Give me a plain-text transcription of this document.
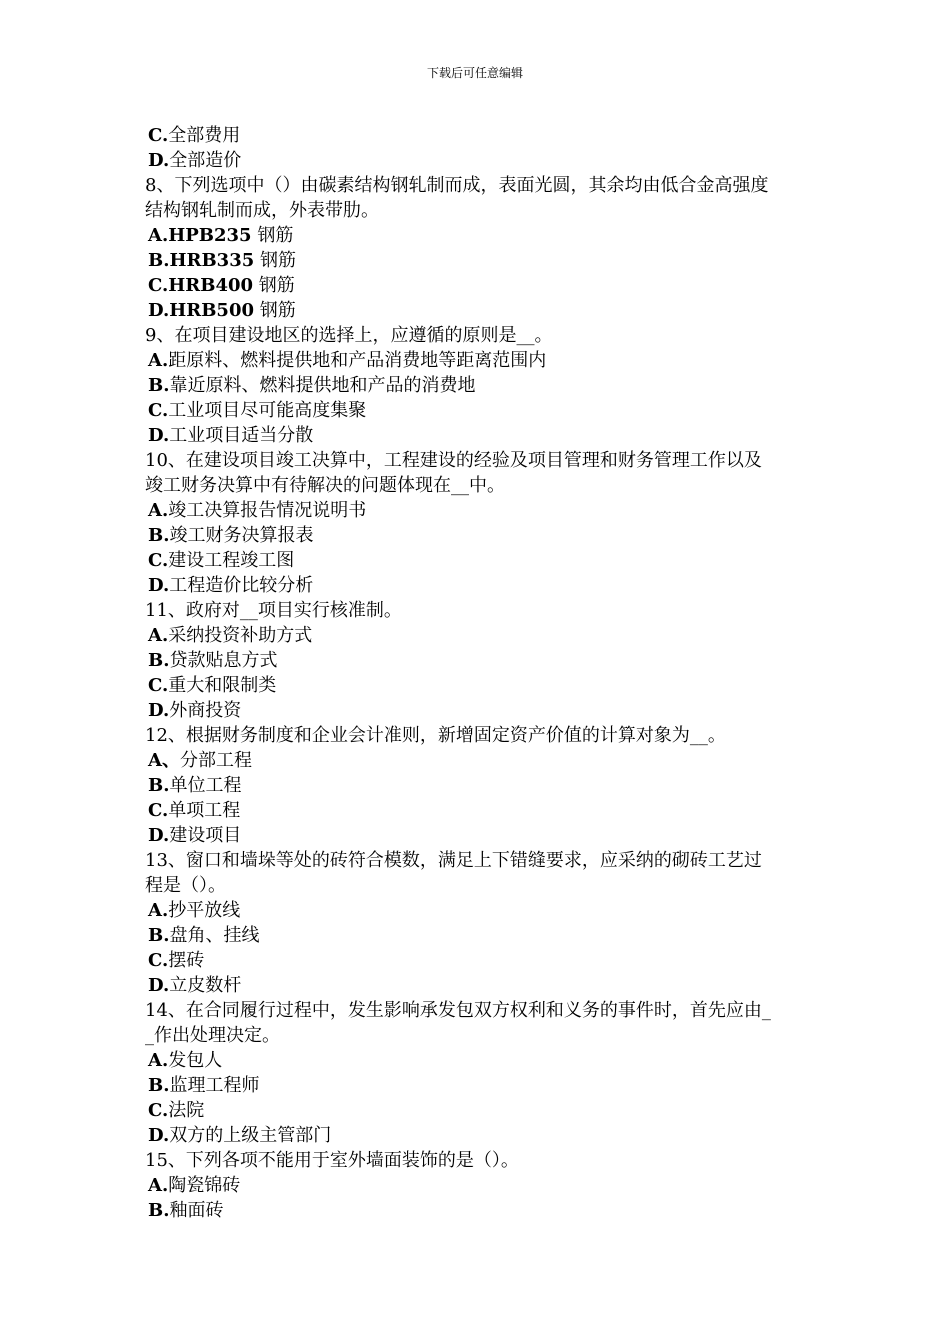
下载后可任意编辑
C.全部费用
D.全部造价
8、下列选项中（）由碳素结构钢轧制而成，表面光圆，其余均由低合金高强度
结构钢轧制而成，外表带肋。
A.HPB235 钢筋
B.HRB335 钢筋
C.HRB400 钢筋
D.HRB500 钢筋
9、在项目建设地区的选择上，应遵循的原则是__。
A.距原料、燃料提供地和产品消费地等距离范围内
B.靠近原料、燃料提供地和产品的消费地
C.工业项目尽可能高度集聚
D.工业项目适当分散
10、在建设项目竣工决算中，工程建设的经验及项目管理和财务管理工作以及
竣工财务决算中有待解决的问题体现在__中。
A.竣工决算报告情况说明书
B.竣工财务决算报表
C.建设工程竣工图
D.工程造价比较分析
11、政府对__项目实行核准制。
A.采纳投资补助方式
B.贷款贴息方式
C.重大和限制类
D.外商投资
12、根据财务制度和企业会计准则，新增固定资产价值的计算对象为__。
A、分部工程
B.单位工程
C.单项工程
D.建设项目
13、窗口和墙垛等处的砖符合模数，满足上下错缝要求，应采纳的砌砖工艺过
程是（）。
A.抄平放线
B.盘角、挂线
C.摆砖
D.立皮数杆
14、在合同履行过程中，发生影响承发包双方权利和义务的事件时，首先应由_
_作出处理决定。
A.发包人
B.监理工程师
C.法院
D.双方的上级主管部门
15、下列各项不能用于室外墙面装饰的是（）。
A.陶瓷锦砖
B.釉面砖
